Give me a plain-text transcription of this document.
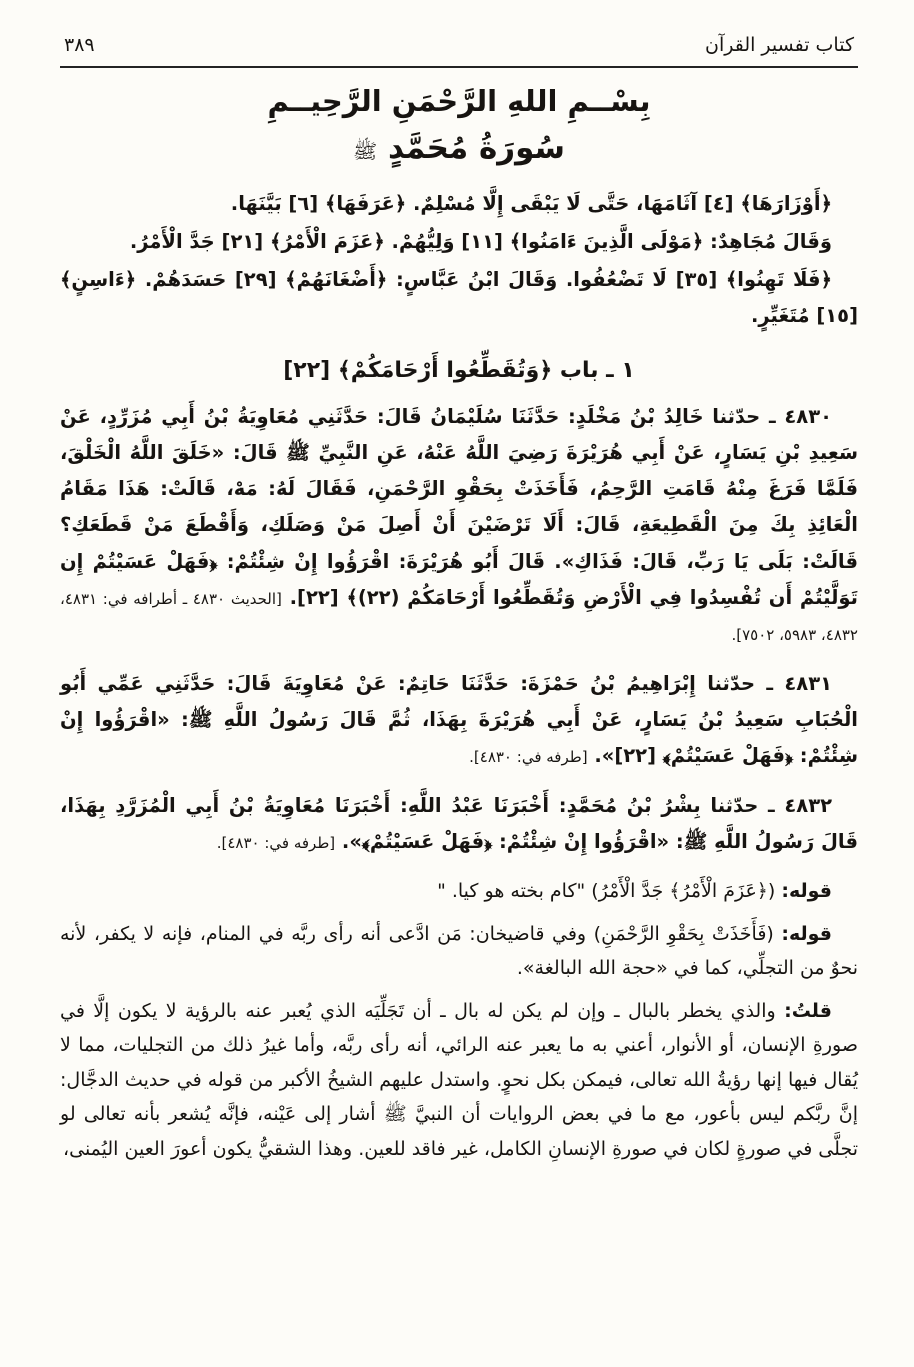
كتاب تفسير القرآن
٣٨٩
بِسْــمِ اللهِ الرَّحْمَنِ الرَّحِيــمِ
سُورَةُ مُحَمَّدٍ ﷺ

﴿أَوْزَارَهَا﴾ [٤] آثَامَهَا، حَتَّى لَا يَبْقَى إِلَّا مُسْلِمٌ. ﴿عَرَفَهَا﴾ [٦] بَيَّنَهَا.

وَقَالَ مُجَاهِدٌ: ﴿مَوْلَى الَّذِينَ ءَامَنُوا﴾ [١١] وَلِيُّهُمْ. ﴿عَزَمَ الْأَمْرُ﴾ [٢١] جَدَّ الْأَمْرُ.

﴿فَلَا تَهِنُوا﴾ [٣٥] لَا تَضْعُفُوا. وَقَالَ ابْنُ عَبَّاسٍ: ﴿أَضْغَانَهُمْ﴾ [٢٩] حَسَدَهُمْ. ﴿ءَاسِنٍ﴾ [١٥] مُتَغَيِّرٍ.

١ ـ باب ﴿وَتُقَطِّعُوا أَرْحَامَكُمْ﴾ [٢٢]

٤٨٣٠ ـ حدّثنا خَالِدُ بْنُ مَخْلَدٍ: حَدَّثَنَا سُلَيْمَانُ قَالَ: حَدَّثَنِي مُعَاوِيَةُ بْنُ أَبِي مُزَرِّدٍ، عَنْ سَعِيدِ بْنِ يَسَارٍ، عَنْ أَبِي هُرَيْرَةَ رَضِيَ اللَّهُ عَنْهُ، عَنِ النَّبِيِّ ﷺ قَالَ: «خَلَقَ اللَّهُ الْخَلْقَ، فَلَمَّا فَرَغَ مِنْهُ قَامَتِ الرَّحِمُ، فَأَخَذَتْ بِحَقْوِ الرَّحْمَنِ، فَقَالَ لَهُ: مَهْ، قَالَتْ: هَذَا مَقَامُ الْعَائِذِ بِكَ مِنَ الْقَطِيعَةِ، قَالَ: أَلَا تَرْضَيْنَ أَنْ أَصِلَ مَنْ وَصَلَكِ، وَأَقْطَعَ مَنْ قَطَعَكِ؟ قَالَتْ: بَلَى يَا رَبِّ، قَالَ: فَذَاكِ». قَالَ أَبُو هُرَيْرَةَ: اقْرَؤُوا إِنْ شِئْتُمْ: ﴿فَهَلْ عَسَيْتُمْ إِن تَوَلَّيْتُمْ أَن تُفْسِدُوا فِي الْأَرْضِ وَتُقَطِّعُوا أَرْحَامَكُمْ (٢٢)﴾ [٢٢]. [الحديث ٤٨٣٠ ـ أطرافه في: ٤٨٣١، ٤٨٣٢، ٥٩٨٣، ٧٥٠٢].

٤٨٣١ ـ حدّثنا إِبْرَاهِيمُ بْنُ حَمْزَةَ: حَدَّثَنَا حَاتِمٌ: عَنْ مُعَاوِيَةَ قَالَ: حَدَّثَنِي عَمِّي أَبُو الْحُبَابِ سَعِيدُ بْنُ يَسَارٍ، عَنْ أَبِي هُرَيْرَةَ بِهَذَا، ثُمَّ قَالَ رَسُولُ اللَّهِ ﷺ: «اقْرَؤُوا إِنْ شِئْتُمْ: ﴿فَهَلْ عَسَيْتُمْ﴾ [٢٢]». [طرفه في: ٤٨٣٠].

٤٨٣٢ ـ حدّثنا بِشْرُ بْنُ مُحَمَّدٍ: أَخْبَرَنَا عَبْدُ اللَّهِ: أَخْبَرَنَا مُعَاوِيَةُ بْنُ أَبِي الْمُزَرَّدِ بِهَذَا، قَالَ رَسُولُ اللَّهِ ﷺ: «اقْرَؤُوا إِنْ شِئْتُمْ: ﴿فَهَلْ عَسَيْتُمْ﴾». [طرفه في: ٤٨٣٠].

قوله: (﴿عَزَمَ الْأَمْرُ﴾ جَدَّ الْأَمْرُ) "كام بخته هو كيا. "

قوله: (فَأَخَذَتْ بِحَقْوِ الرَّحْمَنِ) وفي قاضيخان: مَن ادَّعى أنه رأى ربَّه في المنام، فإنه لا يكفر، لأنه نحوٌ من التجلِّي، كما في «حجة الله البالغة».

قلتُ: والذي يخطر بالبال ـ وإن لم يكن له بال ـ أن تَجَلِّيَه الذي يُعبر عنه بالرؤية لا يكون إلَّا في صورةِ الإنسان، أو الأنوار، أعني به ما يعبر عنه الرائي، أنه رأى ربَّه، وأما غيرُ ذلك من التجليات، مما لا يُقال فيها إنها رؤيةُ الله تعالى، فيمكن بكل نحوٍ. واستدل عليهم الشيخُ الأكبر من قوله في حديث الدجَّال: إنَّ ربَّكم ليس بأعور، مع ما في بعض الروايات أن النبيَّ ﷺ أشار إلى عَيْنه، فإنَّه يُشعر بأنه تعالى لو تجلَّى في صورةٍ لكان في صورةِ الإنسانِ الكامل، غير فاقد للعين. وهذا الشقيُّ يكون أعورَ العين اليُمنى،
